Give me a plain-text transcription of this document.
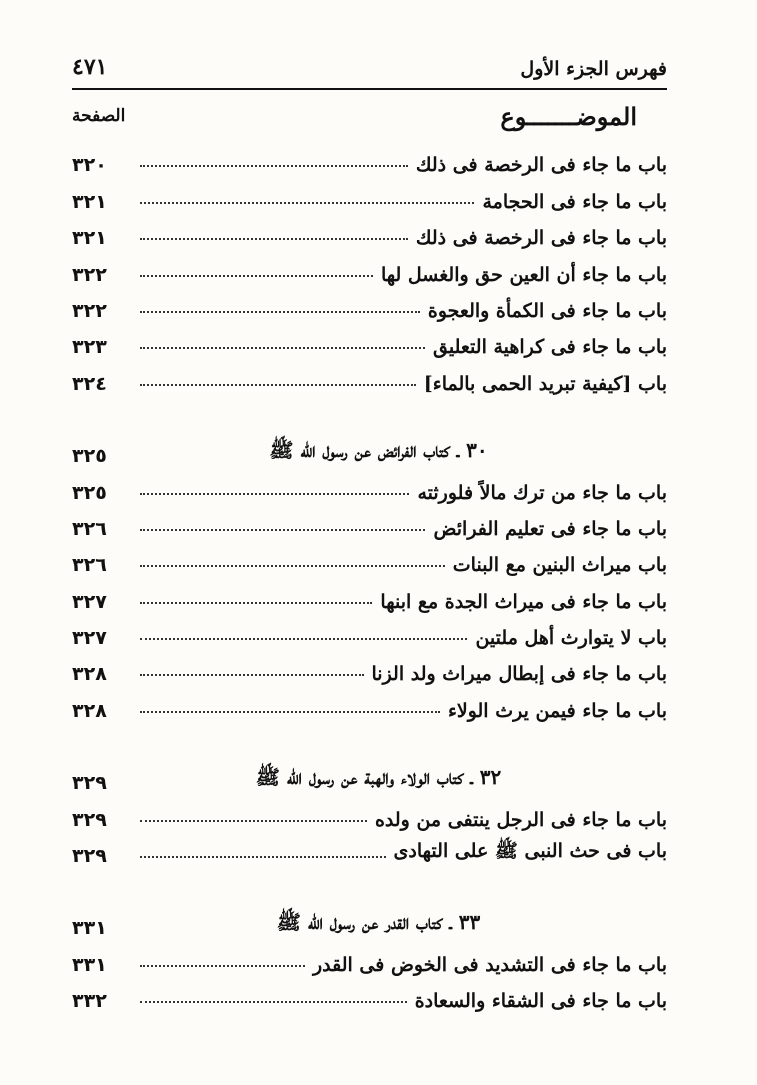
فهرس الجزء الأول
٤٧١
الموضـــــــوع
الصفحة
باب ما جاء فى الرخصة فى ذلك
٣٢٠
باب ما جاء فى الحجامة
٣٢١
باب ما جاء فى الرخصة فى ذلك
٣٢١
باب ما جاء أن العين حق والغسل لها
٣٢٢
باب ما جاء فى الكمأة والعجوة
٣٢٢
باب ما جاء فى كراهية التعليق
٣٢٣
باب [كيفية تبريد الحمى بالماء]
٣٢٤
٣٠ ـ كتاب الفرائض عن رسول الله ﷺ
٣٢٥
باب ما جاء من ترك مالاً فلورثته
٣٢٥
باب ما جاء فى تعليم الفرائض
٣٢٦
باب ميراث البنين مع البنات
٣٢٦
باب ما جاء فى ميراث الجدة مع ابنها
٣٢٧
باب لا يتوارث أهل ملتين
٣٢٧
باب ما جاء فى إبطال ميراث ولد الزنا
٣٢٨
باب ما جاء فيمن يرث الولاء
٣٢٨
٣٢ ـ كتاب الولاء والهبة عن رسول الله ﷺ
٣٢٩
باب ما جاء فى الرجل ينتفى من ولده
٣٢٩
باب فى حث النبى ﷺ على التهادى
٣٢٩
٣٣ ـ كتاب القدر عن رسول الله ﷺ
٣٣١
باب ما جاء فى التشديد فى الخوض فى القدر
٣٣١
باب ما جاء فى الشقاء والسعادة
٣٣٢
